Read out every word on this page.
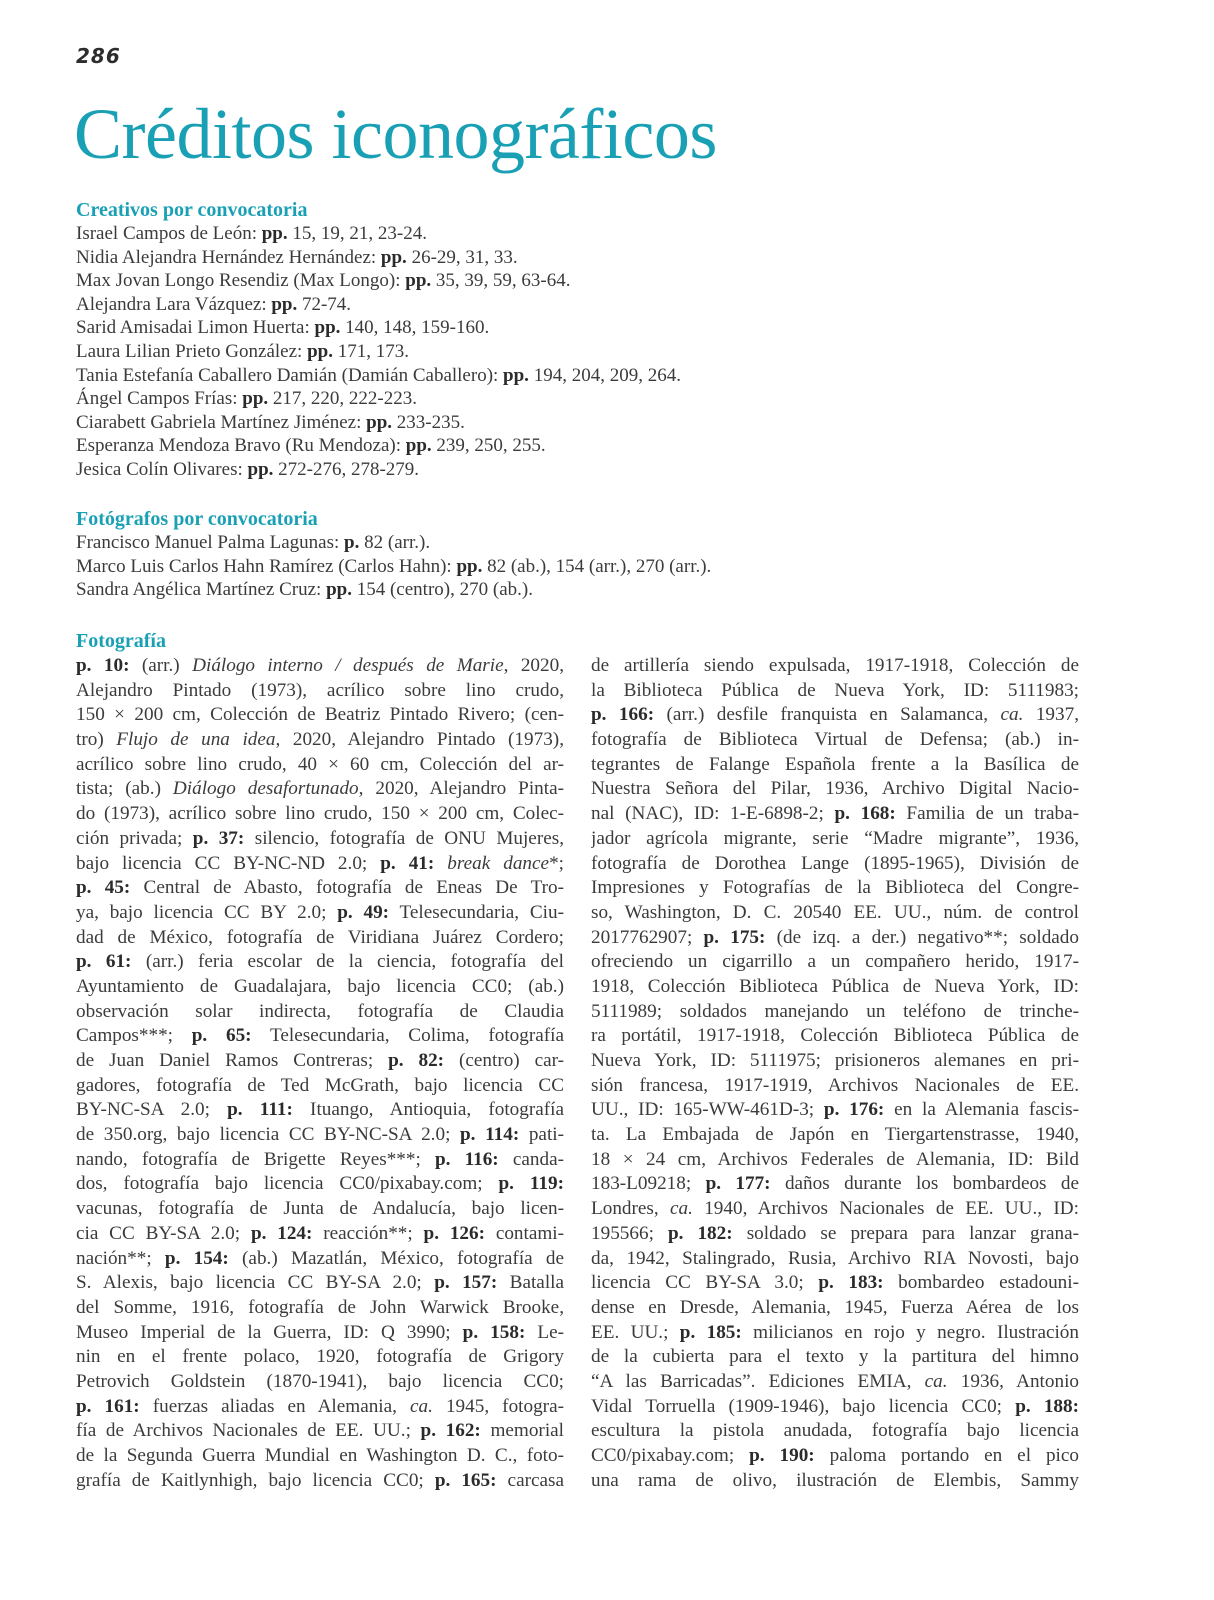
286
Créditos iconográficos
Creativos por convocatoria
Israel Campos de León: pp. 15, 19, 21, 23-24.
Nidia Alejandra Hernández Hernández: pp. 26-29, 31, 33.
Max Jovan Longo Resendiz (Max Longo): pp. 35, 39, 59, 63-64.
Alejandra Lara Vázquez: pp. 72-74.
Sarid Amisadai Limon Huerta: pp. 140, 148, 159-160.
Laura Lilian Prieto González: pp. 171, 173.
Tania Estefanía Caballero Damián (Damián Caballero): pp. 194, 204, 209, 264.
Ángel Campos Frías: pp. 217, 220, 222-223.
Ciarabett Gabriela Martínez Jiménez: pp. 233-235.
Esperanza Mendoza Bravo (Ru Mendoza): pp. 239, 250, 255.
Jesica Colín Olivares: pp. 272-276, 278-279.
Fotógrafos por convocatoria
Francisco Manuel Palma Lagunas: p. 82 (arr.).
Marco Luis Carlos Hahn Ramírez (Carlos Hahn): pp. 82 (ab.), 154 (arr.), 270 (arr.).
Sandra Angélica Martínez Cruz: pp. 154 (centro), 270 (ab.).
Fotografía
p. 10: (arr.) Diálogo interno / después de Marie, 2020,
Alejandro Pintado (1973), acrílico sobre lino crudo,
150 × 200 cm, Colección de Beatriz Pintado Rivero; (cen-
tro) Flujo de una idea, 2020, Alejandro Pintado (1973),
acrílico sobre lino crudo, 40 × 60 cm, Colección del ar-
tista; (ab.) Diálogo desafortunado, 2020, Alejandro Pinta-
do (1973), acrílico sobre lino crudo, 150 × 200 cm, Colec-
ción privada; p. 37: silencio, fotografía de ONU Mujeres,
bajo licencia CC BY-NC-ND 2.0; p. 41: break dance*;
p. 45: Central de Abasto, fotografía de Eneas De Tro-
ya, bajo licencia CC BY 2.0; p. 49: Telesecundaria, Ciu-
dad de México, fotografía de Viridiana Juárez Cordero;
p. 61: (arr.) feria escolar de la ciencia, fotografía del
Ayuntamiento de Guadalajara, bajo licencia CC0; (ab.)
observación solar indirecta, fotografía de Claudia
Campos***; p. 65: Telesecundaria, Colima, fotografía
de Juan Daniel Ramos Contreras; p. 82: (centro) car-
gadores, fotografía de Ted McGrath, bajo licencia CC
BY-NC-SA 2.0; p. 111: Ituango, Antioquia, fotografía
de 350.org, bajo licencia CC BY-NC-SA 2.0; p. 114: pati-
nando, fotografía de Brigette Reyes***; p. 116: canda-
dos, fotografía bajo licencia CC0/pixabay.com; p. 119:
vacunas, fotografía de Junta de Andalucía, bajo licen-
cia CC BY-SA 2.0; p. 124: reacción**; p. 126: contami-
nación**; p. 154: (ab.) Mazatlán, México, fotografía de
S. Alexis, bajo licencia CC BY-SA 2.0; p. 157: Batalla
del Somme, 1916, fotografía de John Warwick Brooke,
Museo Imperial de la Guerra, ID: Q 3990; p. 158: Le-
nin en el frente polaco, 1920, fotografía de Grigory
Petrovich Goldstein (1870-1941), bajo licencia CC0;
p. 161: fuerzas aliadas en Alemania, ca. 1945, fotogra-
fía de Archivos Nacionales de EE. UU.; p. 162: memorial
de la Segunda Guerra Mundial en Washington D. C., foto-
grafía de Kaitlynhigh, bajo licencia CC0; p. 165: carcasa
de artillería siendo expulsada, 1917-1918, Colección de
la Biblioteca Pública de Nueva York, ID: 5111983;
p. 166: (arr.) desfile franquista en Salamanca, ca. 1937,
fotografía de Biblioteca Virtual de Defensa; (ab.) in-
tegrantes de Falange Española frente a la Basílica de
Nuestra Señora del Pilar, 1936, Archivo Digital Nacio-
nal (NAC), ID: 1-E-6898-2; p. 168: Familia de un traba-
jador agrícola migrante, serie “Madre migrante”, 1936,
fotografía de Dorothea Lange (1895-1965), División de
Impresiones y Fotografías de la Biblioteca del Congre-
so, Washington, D. C. 20540 EE. UU., núm. de control
2017762907; p. 175: (de izq. a der.) negativo**; soldado
ofreciendo un cigarrillo a un compañero herido, 1917-
1918, Colección Biblioteca Pública de Nueva York, ID:
5111989; soldados manejando un teléfono de trinche-
ra portátil, 1917-1918, Colección Biblioteca Pública de
Nueva York, ID: 5111975; prisioneros alemanes en pri-
sión francesa, 1917-1919, Archivos Nacionales de EE.
UU., ID: 165-WW-461D-3; p. 176: en la Alemania fascis-
ta. La Embajada de Japón en Tiergartenstrasse, 1940,
18 × 24 cm, Archivos Federales de Alemania, ID: Bild
183-L09218; p. 177: daños durante los bombardeos de
Londres, ca. 1940, Archivos Nacionales de EE. UU., ID:
195566; p. 182: soldado se prepara para lanzar grana-
da, 1942, Stalingrado, Rusia, Archivo RIA Novosti, bajo
licencia CC BY-SA 3.0; p. 183: bombardeo estadouni-
dense en Dresde, Alemania, 1945, Fuerza Aérea de los
EE. UU.; p. 185: milicianos en rojo y negro. Ilustración
de la cubierta para el texto y la partitura del himno
“A las Barricadas”. Ediciones EMIA, ca. 1936, Antonio
Vidal Torruella (1909-1946), bajo licencia CC0; p. 188:
escultura la pistola anudada, fotografía bajo licencia
CC0/pixabay.com; p. 190: paloma portando en el pico
una rama de olivo, ilustración de Elembis, Sammy
